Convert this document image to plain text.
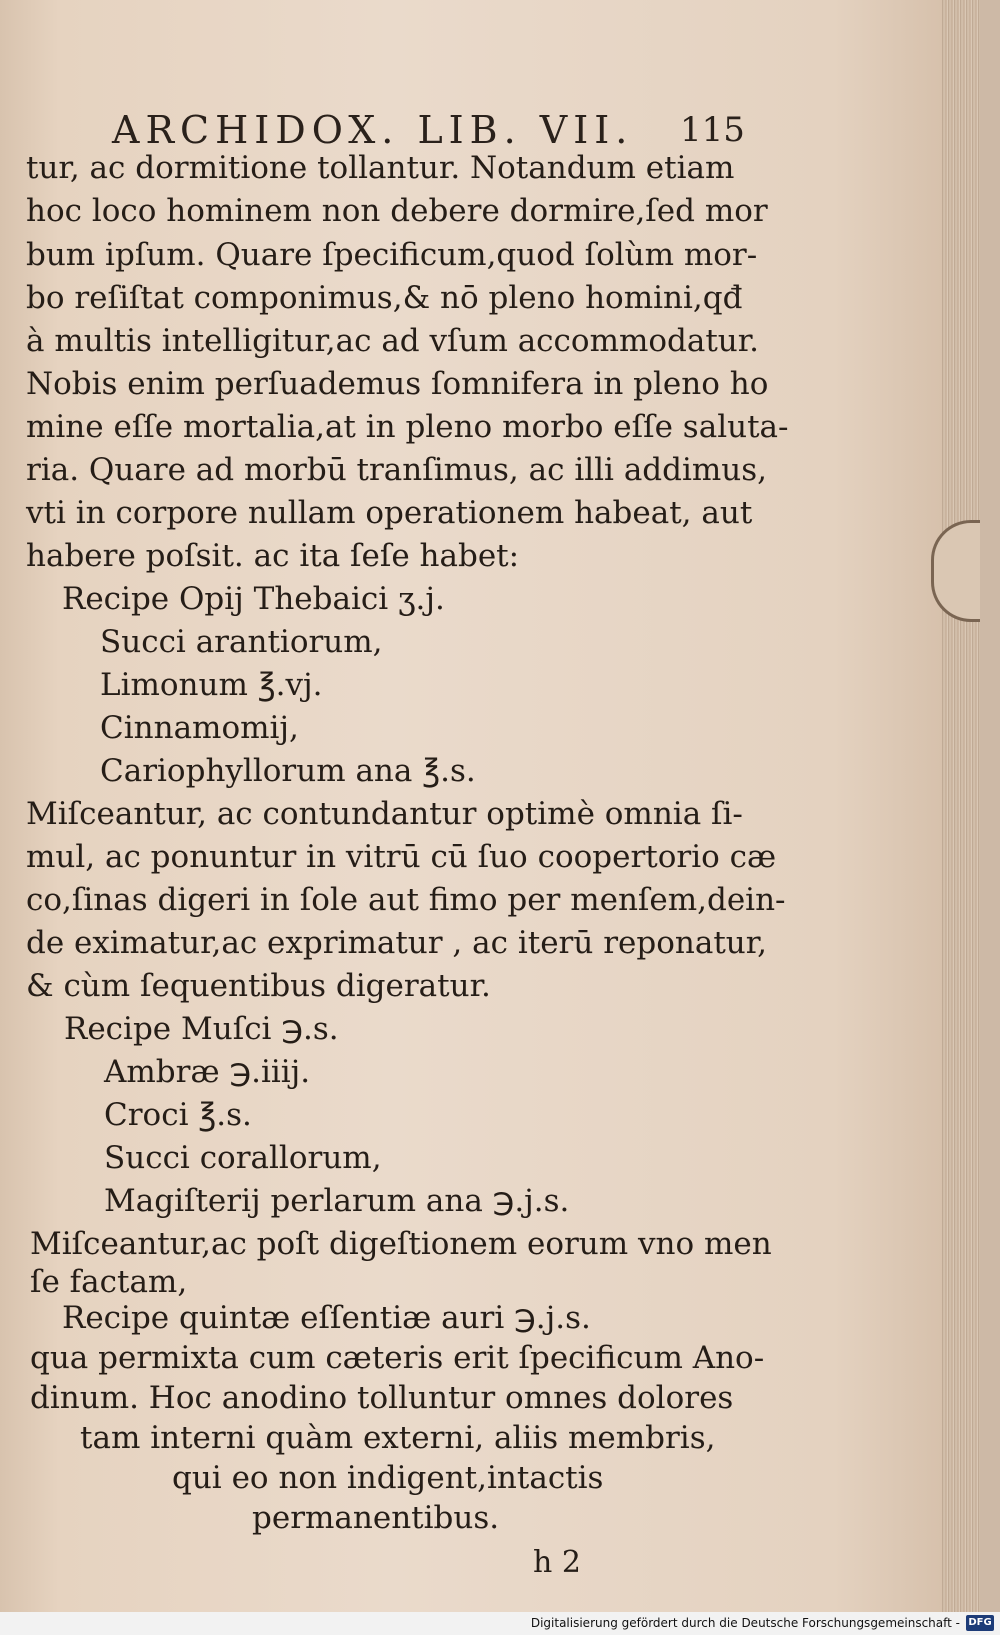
ARCHIDOX. LIB. VII. 115
tur, ac dormitione tollantur. Notandum etiam
hoc loco hominem non debere dormire,ſed mor
bum ipſum. Quare ſpecificum,quod ſolùm mor-
bo reſiſtat componimus,& nō pleno homini,qđ
à multis intelligitur,ac ad vſum accommodatur.
Nobis enim perſuademus ſomnifera in pleno ho
mine eſſe mortalia,at in pleno morbo eſſe saluta-
ria. Quare ad morbū tranſimus, ac illi addimus,
vti in corpore nullam operationem habeat, aut
habere poſsit. ac ita ſeſe habet:
Recipe Opij Thebaici ʒ.j.
Succi arantiorum,
Limonum ℥.vj.
Cinnamomij,
Cariophyllorum ana ℥.s.
Miſceantur, ac contundantur optimè omnia ſi-
mul, ac ponuntur in vitrū cū ſuo coopertorio cæ
co,ſinas digeri in ſole aut fimo per menſem,dein-
de eximatur,ac exprimatur , ac iterū reponatur,
& cùm ſequentibus digeratur.
Recipe Muſci ℈.s.
Ambræ ℈.iiij.
Croci ℥.s.
Succi corallorum,
Magiſterij perlarum ana ℈.j.s.
Miſceantur,ac poſt digeſtionem eorum vno men
ſe factam,
Recipe quintæ eſſentiæ auri ℈.j.s.
qua permixta cum cæteris erit ſpecificum Ano-
dinum. Hoc anodino tolluntur omnes dolores
tam interni quàm externi, aliis membris,
qui eo non indigent,intactis
permanentibus.
h 2
Digitalisierung gefördert durch die Deutsche Forschungsgemeinschaft - DFG
